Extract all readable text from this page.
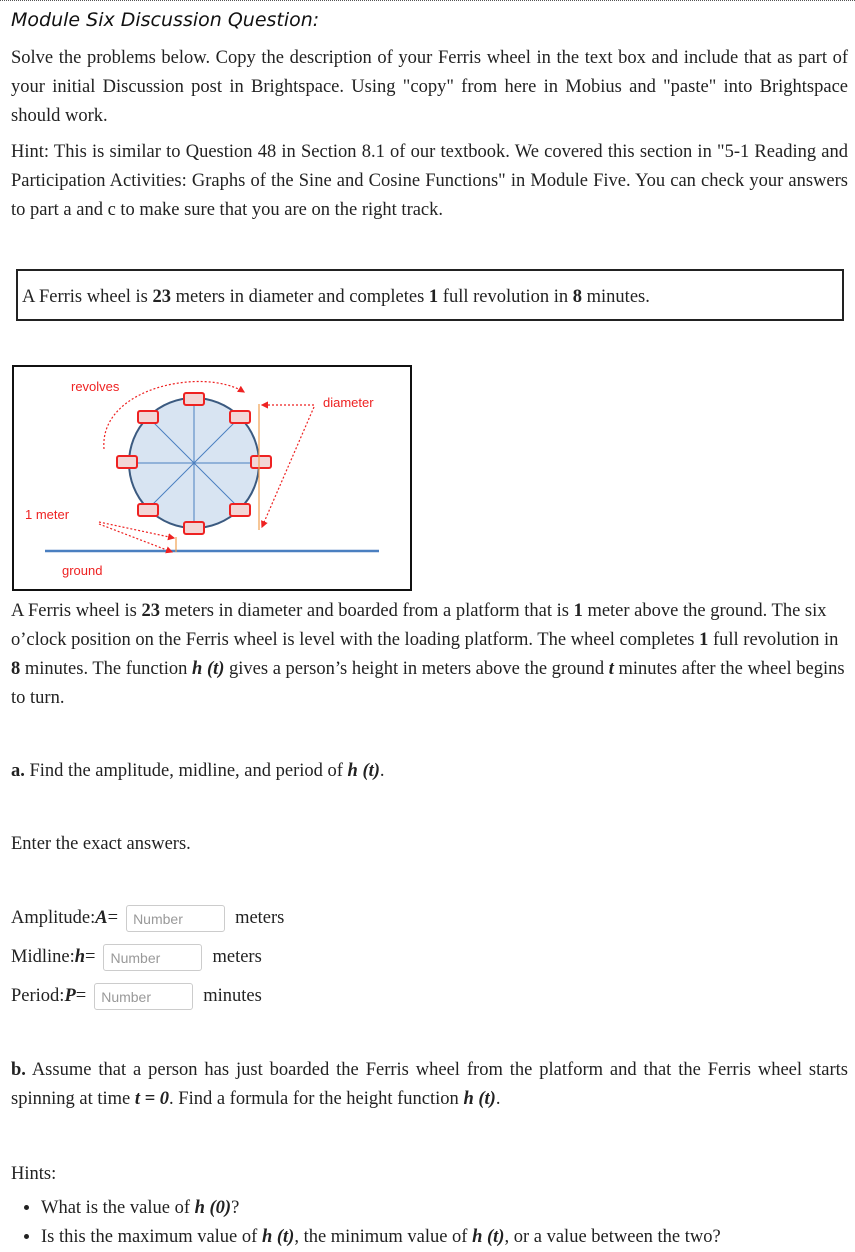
Module Six Discussion Question:
Solve the problems below. Copy the description of your Ferris wheel in the text box and include that as part of your initial Discussion post in Brightspace. Using "copy" from here in Mobius and "paste" into Brightspace should work.
Hint: This is similar to Question 48 in Section 8.1 of our textbook. We covered this section in "5-1 Reading and Participation Activities: Graphs of the Sine and Cosine Functions" in Module Five. You can check your answers to part a and c to make sure that you are on the right track.
A Ferris wheel is 23 meters in diameter and completes 1 full revolution in 8 minutes.
revolves
diameter
1 meter
ground
A Ferris wheel is 23 meters in diameter and boarded from a platform that is 1 meter above the ground. The six o’clock position on the Ferris wheel is level with the loading platform. The wheel completes 1 full revolution in 8 minutes. The function h (t) gives a person’s height in meters above the ground t minutes after the wheel begins to turn.
a. Find the amplitude, midline, and period of h (t).
Enter the exact answers.
Amplitude: A =
Number	meters
Midline: h =
Number	meters
Period: P =
Number	minutes
b. Assume that a person has just boarded the Ferris wheel from the platform and that the Ferris wheel starts spinning at time t = 0. Find a formula for the height function h (t).
Hints:
• What is the value of h (0)?
• Is this the maximum value of h (t), the minimum value of h (t), or a value between the two?
